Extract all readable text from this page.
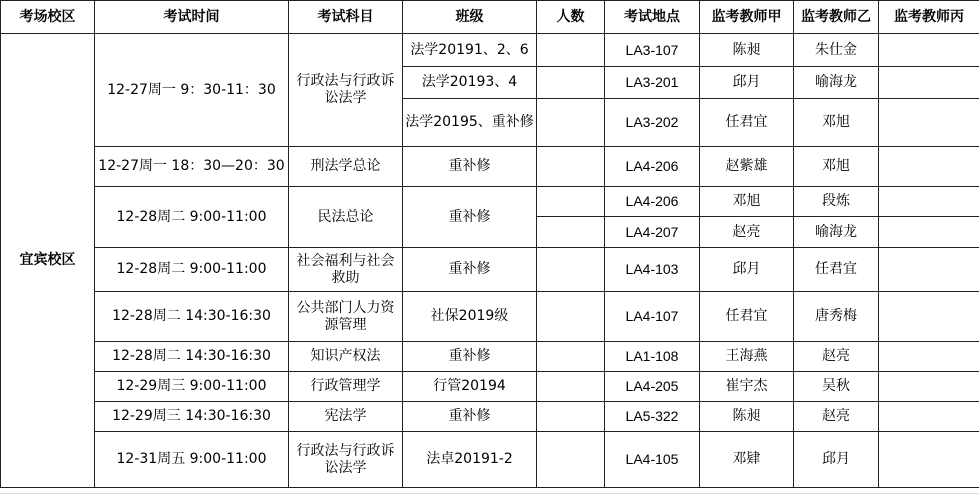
考场校区	考试时间	考试科目	班级	人数	考试地点	监考教师甲	监考教师乙	监考教师丙
宜宾校区	12-27周一 9：30-11：30	行政法与行政诉讼法学	法学20191、2、6		LA3-107	陈昶	朱仕金	
			法学20193、4		LA3-201	邱月	喻海龙	
			法学20195、重补修		LA3-202	任君宜	邓旭	
	12-27周一 18：30—20：30	刑法学总论	重补修		LA4-206	赵紫雄	邓旭	
	12-28周二 9:00-11:00	民法总论	重补修		LA4-206	邓旭	段炼	
					LA4-207	赵亮	喻海龙	
	12-28周二 9:00-11:00	社会福利与社会救助	重补修		LA4-103	邱月	任君宜	
	12-28周二 14:30-16:30	公共部门人力资源管理	社保2019级		LA4-107	任君宜	唐秀梅	
	12-28周二 14:30-16:30	知识产权法	重补修		LA1-108	王海燕	赵亮	
	12-29周三 9:00-11:00	行政管理学	行管20194		LA4-205	崔宇杰	吴秋	
	12-29周三 14:30-16:30	宪法学	重补修		LA5-322	陈昶	赵亮	
	12-31周五 9:00-11:00	行政法与行政诉讼法学	法卓20191-2		LA4-105	邓肄	邱月	
